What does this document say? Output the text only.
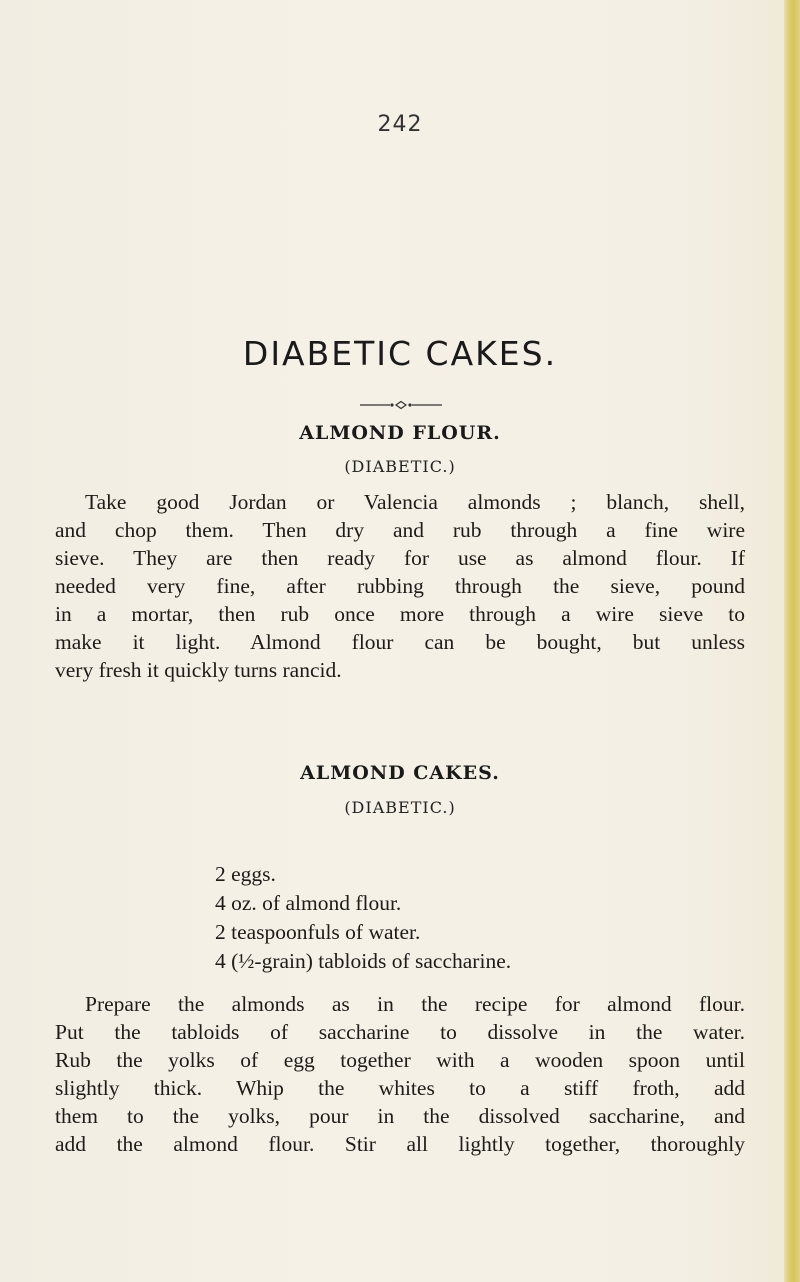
242
DIABETIC CAKES.
ALMOND FLOUR.
(DIABETIC.)
Take good Jordan or Valencia almonds ; blanch, shell,
and chop them. Then dry and rub through a fine wire
sieve. They are then ready for use as almond flour. If
needed very fine, after rubbing through the sieve, pound
in a mortar, then rub once more through a wire sieve to
make it light. Almond flour can be bought, but unless
very fresh it quickly turns rancid.
ALMOND CAKES.
(DIABETIC.)
2 eggs.
4 oz. of almond flour.
2 teaspoonfuls of water.
4 (½-grain) tabloids of saccharine.
Prepare the almonds as in the recipe for almond flour.
Put the tabloids of saccharine to dissolve in the water.
Rub the yolks of egg together with a wooden spoon until
slightly thick. Whip the whites to a stiff froth, add
them to the yolks, pour in the dissolved saccharine, and
add the almond flour. Stir all lightly together, thoroughly
